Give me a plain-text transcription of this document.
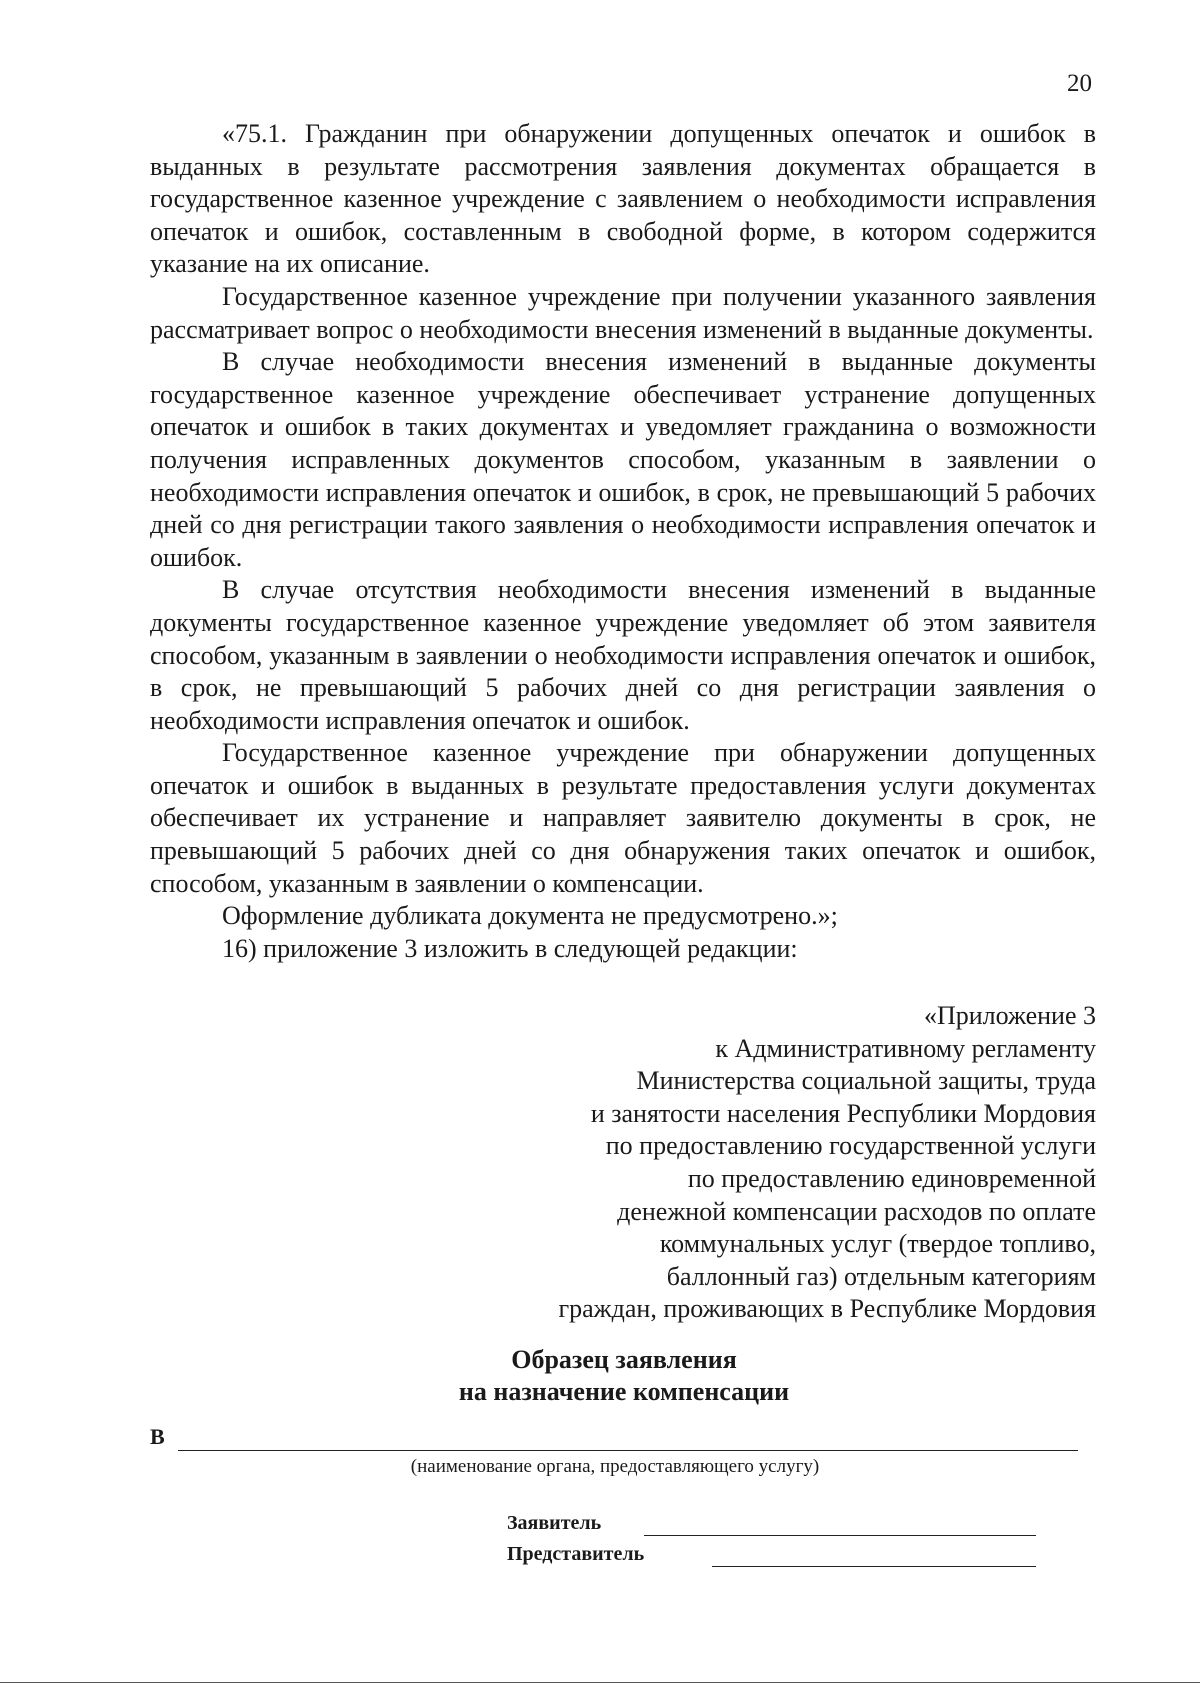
20

«75.1. Гражданин при обнаружении допущенных опечаток и ошибок в выданных в результате рассмотрения заявления документах обращается в государственное казенное учреждение с заявлением о необходимости исправления опечаток и ошибок, составленным в свободной форме, в котором содержится указание на их описание.

Государственное казенное учреждение при получении указанного заявления рассматривает вопрос о необходимости внесения изменений в выданные документы.

В случае необходимости внесения изменений в выданные документы государственное казенное учреждение обеспечивает устранение допущенных опечаток и ошибок в таких документах и уведомляет гражданина о возможности получения исправленных документов способом, указанным в заявлении о необходимости исправления опечаток и ошибок, в срок, не превышающий 5 рабочих дней со дня регистрации такого заявления о необходимости исправления опечаток и ошибок.

В случае отсутствия необходимости внесения изменений в выданные документы государственное казенное учреждение уведомляет об этом заявителя способом, указанным в заявлении о необходимости исправления опечаток и ошибок, в срок, не превышающий 5 рабочих дней со дня регистрации заявления о необходимости исправления опечаток и ошибок.

Государственное казенное учреждение при обнаружении допущенных опечаток и ошибок в выданных в результате предоставления услуги документах обеспечивает их устранение и направляет заявителю документы в срок, не превышающий 5 рабочих дней со дня обнаружения таких опечаток и ошибок, способом, указанным в заявлении о компенсации.

Оформление дубликата документа не предусмотрено.»;

16) приложение 3 изложить в следующей редакции:

«Приложение 3
к Административному регламенту
Министерства социальной защиты, труда
и занятости населения Республики Мордовия
по предоставлению государственной услуги
по предоставлению единовременной
денежной компенсации расходов по оплате
коммунальных услуг (твердое топливо,
баллонный газ) отдельным категориям
граждан, проживающих в Республике Мордовия
Образец заявления
на назначение компенсации
В
(наименование органа, предоставляющего услугу)
Заявитель
Представитель
